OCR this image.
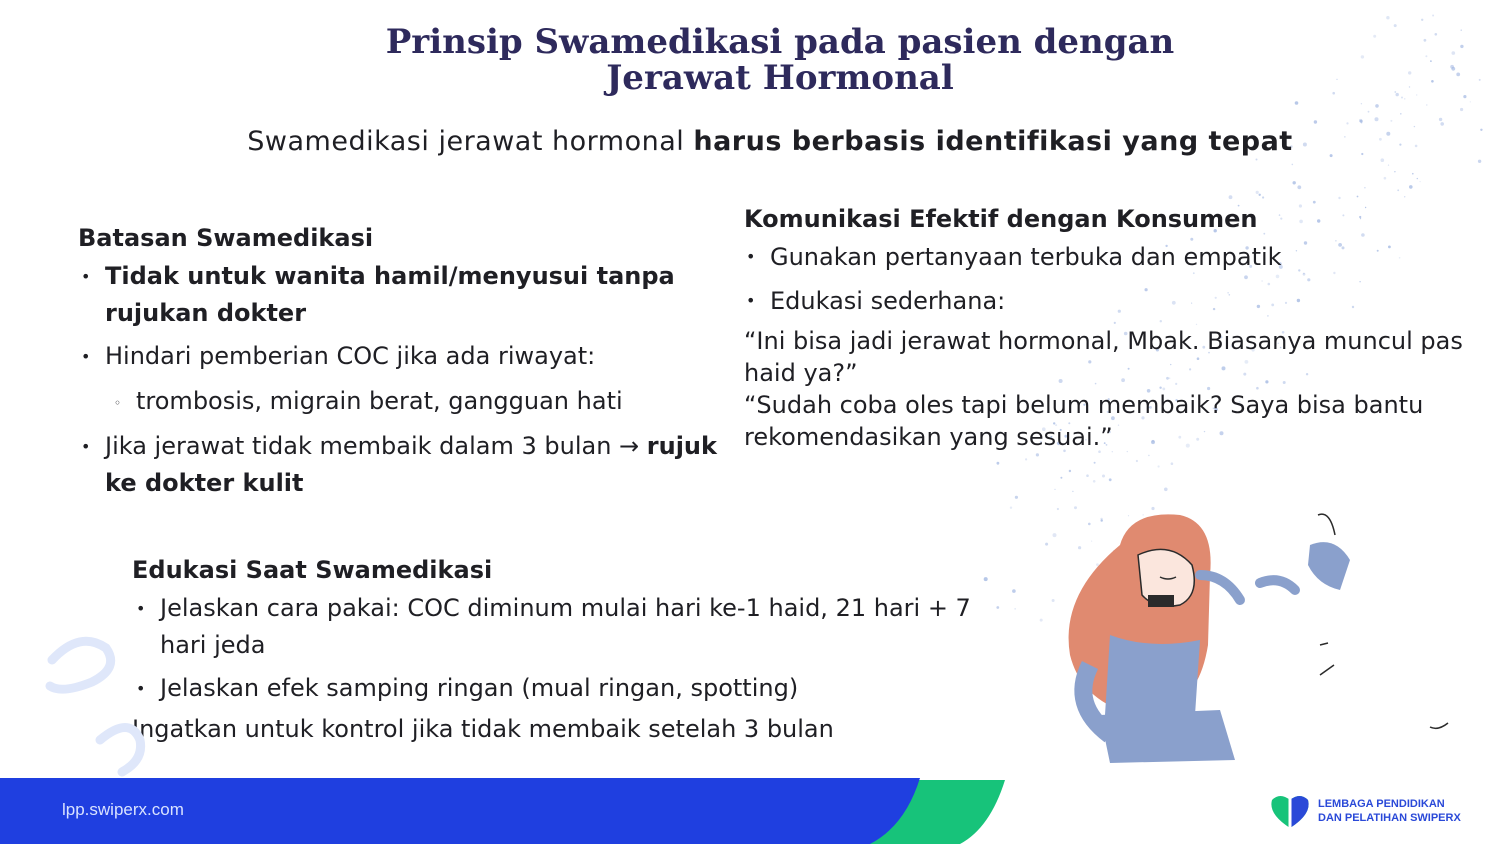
Prinsip Swamedikasi pada pasien dengan
Jerawat Hormonal

Swamedikasi jerawat hormonal harus berbasis identifikasi yang tepat

Batasan Swamedikasi

• Tidak untuk wanita hamil/menyusui tanpa rujukan dokter
• Hindari pemberian COC jika ada riwayat:
◦ trombosis, migrain berat, gangguan hati
• Jika jerawat tidak membaik dalam 3 bulan → rujuk ke dokter kulit

Komunikasi Efektif dengan Konsumen

• Gunakan pertanyaan terbuka dan empatik
• Edukasi sederhana:

“Ini bisa jadi jerawat hormonal, Mbak. Biasanya muncul pas haid ya?”

“Sudah coba oles tapi belum membaik? Saya bisa bantu rekomendasikan yang sesuai.”

Edukasi Saat Swamedikasi

• Jelaskan cara pakai: COC diminum mulai hari ke-1 haid, 21 hari + 7 hari jeda
• Jelaskan efek samping ringan (mual ringan, spotting)

Ingatkan untuk kontrol jika tidak membaik setelah 3 bulan

lpp.swiperx.com	LEMBAGA PENDIDIKAN
DAN PELATIHAN SWIPERX
